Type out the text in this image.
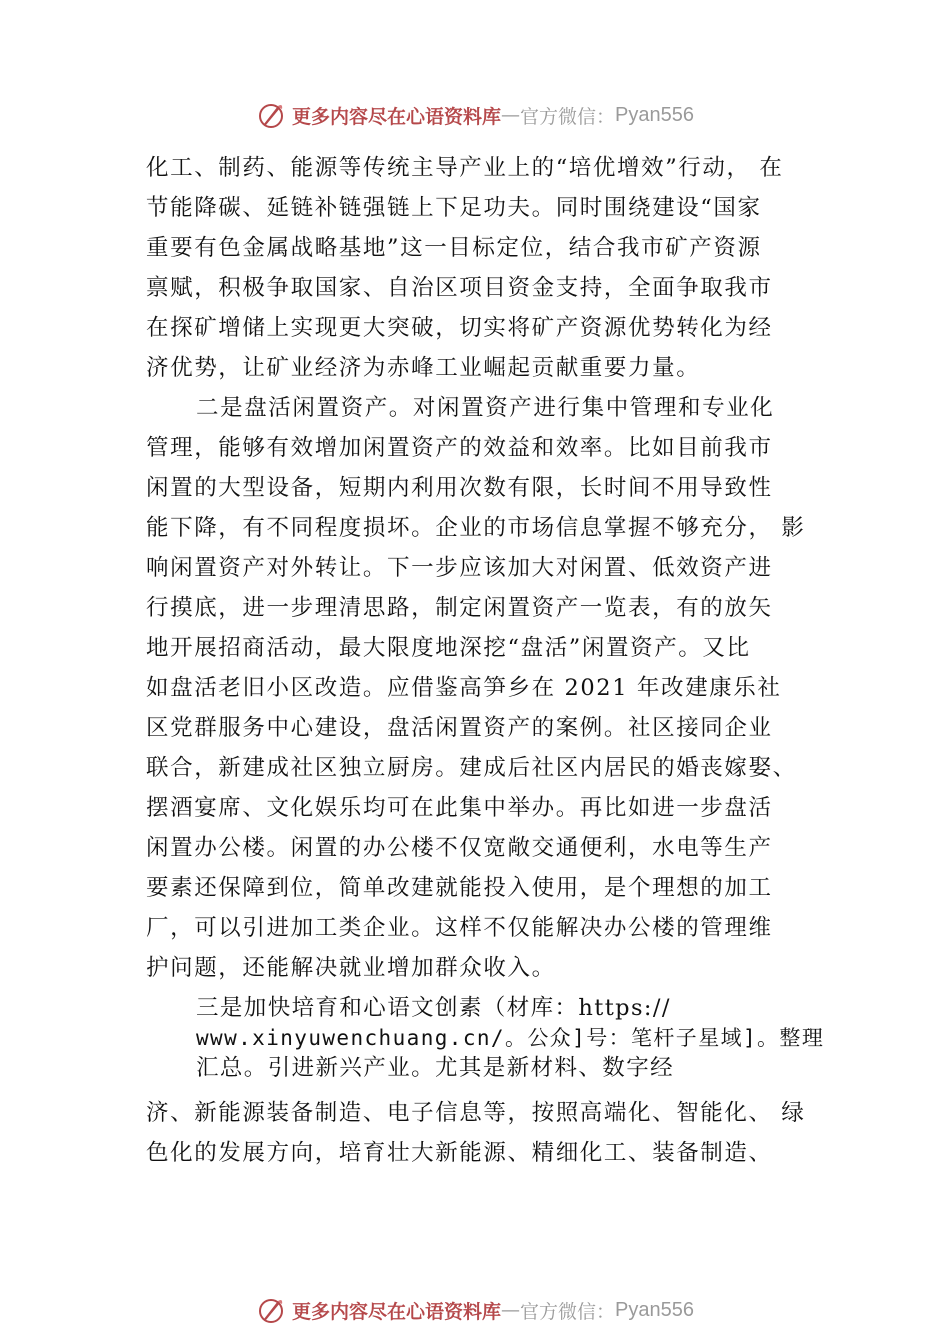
更多内容尽在心语资料库 — 官方微信： Pyan556

化工、制药、能源等传统主导产业上的“培优增效”行动， 在

节能降碳、延链补链强链上下足功夫。同时围绕建设“国家

重要有色金属战略基地”这一目标定位，结合我市矿产资源

禀赋，积极争取国家、自治区项目资金支持，全面争取我市

在探矿增储上实现更大突破，切实将矿产资源优势转化为经

济优势，让矿业经济为赤峰工业崛起贡献重要力量。

二是盘活闲置资产。对闲置资产进行集中管理和专业化

管理，能够有效增加闲置资产的效益和效率。比如目前我市

闲置的大型设备，短期内利用次数有限，长时间不用导致性

能下降，有不同程度损坏。企业的市场信息掌握不够充分， 影

响闲置资产对外转让。下一步应该加大对闲置、低效资产进

行摸底，进一步理清思路，制定闲置资产一览表，有的放矢

地开展招商活动，最大限度地深挖“盘活”闲置资产。又比

如盘活老旧小区改造。应借鉴高笋乡在 2021 年改建康乐社

区党群服务中心建设，盘活闲置资产的案例。社区接同企业

联合，新建成社区独立厨房。建成后社区内居民的婚丧嫁娶、

摆酒宴席、文化娱乐均可在此集中举办。再比如进一步盘活

闲置办公楼。闲置的办公楼不仅宽敞交通便利，水电等生产

要素还保障到位，简单改建就能投入使用，是个理想的加工

厂，可以引进加工类企业。这样不仅能解决办公楼的管理维

护问题，还能解决就业增加群众收入。

三是加快培育和心语文创素（材库：https://
www.xinyuwenchuang.cn/。公众]号：笔杆子星域]。整理
汇总。引进新兴产业。尤其是新材料、数字经

济、新能源装备制造、电子信息等，按照高端化、智能化、 绿

色化的发展方向，培育壮大新能源、精细化工、装备制造、

更多内容尽在心语资料库 — 官方微信： Pyan556
